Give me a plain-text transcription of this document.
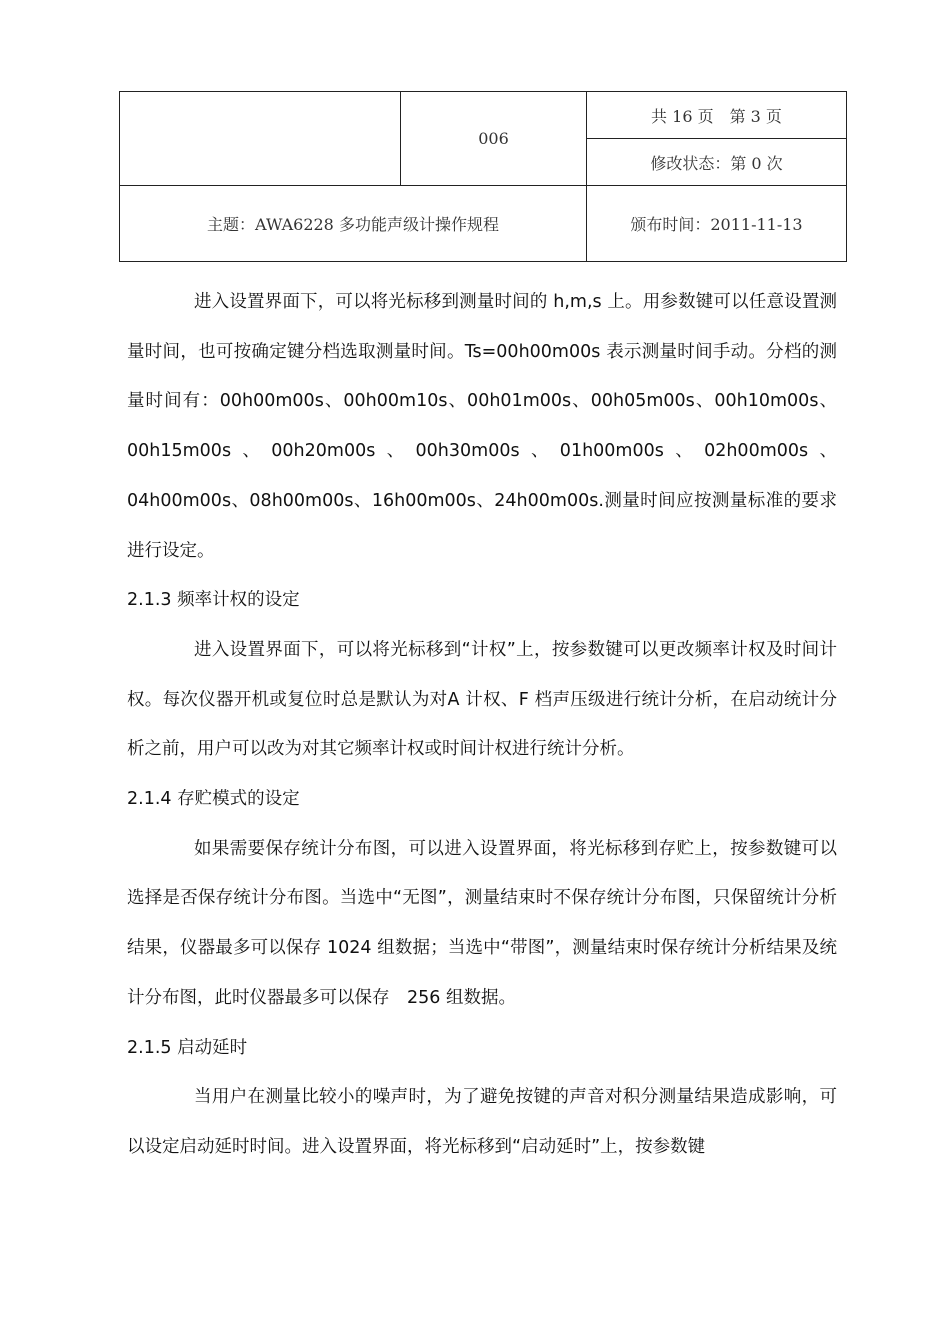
	006	共 16 页　第 3 页
		修改状态：第 0 次
主题：AWA6228 多功能声级计操作规程		颁布时间：2011-11-13

进入设置界面下，可以将光标移到测量时间的 h,m,s 上。用参数键可以任意设置测量时间，也可按确定键分档选取测量时间。Ts=00h00m00s 表示测量时间手动。分档的测量时间有：00h00m00s、00h00m10s、00h01m00s、00h05m00s、00h10m00s、00h15m00s、00h20m00s、00h30m00s、01h00m00s、02h00m00s、04h00m00s、08h00m00s、16h00m00s、24h00m00s.测量时间应按测量标准的要求进行设定。

2.1.3 频率计权的设定

进入设置界面下，可以将光标移到“计权”上，按参数键可以更改频率计权及时间计权。每次仪器开机或复位时总是默认为对A 计权、F 档声压级进行统计分析，在启动统计分析之前，用户可以改为对其它频率计权或时间计权进行统计分析。

2.1.4 存贮模式的设定

如果需要保存统计分布图，可以进入设置界面，将光标移到存贮上，按参数键可以选择是否保存统计分布图。当选中“无图”，测量结束时不保存统计分布图，只保留统计分析结果，仪器最多可以保存 1024 组数据；当选中“带图”，测量结束时保存统计分析结果及统计分布图，此时仪器最多可以保存　256 组数据。

2.1.5 启动延时

当用户在测量比较小的噪声时，为了避免按键的声音对积分测量结果造成影响，可以设定启动延时时间。进入设置界面，将光标移到“启动延时”上，按参数键
